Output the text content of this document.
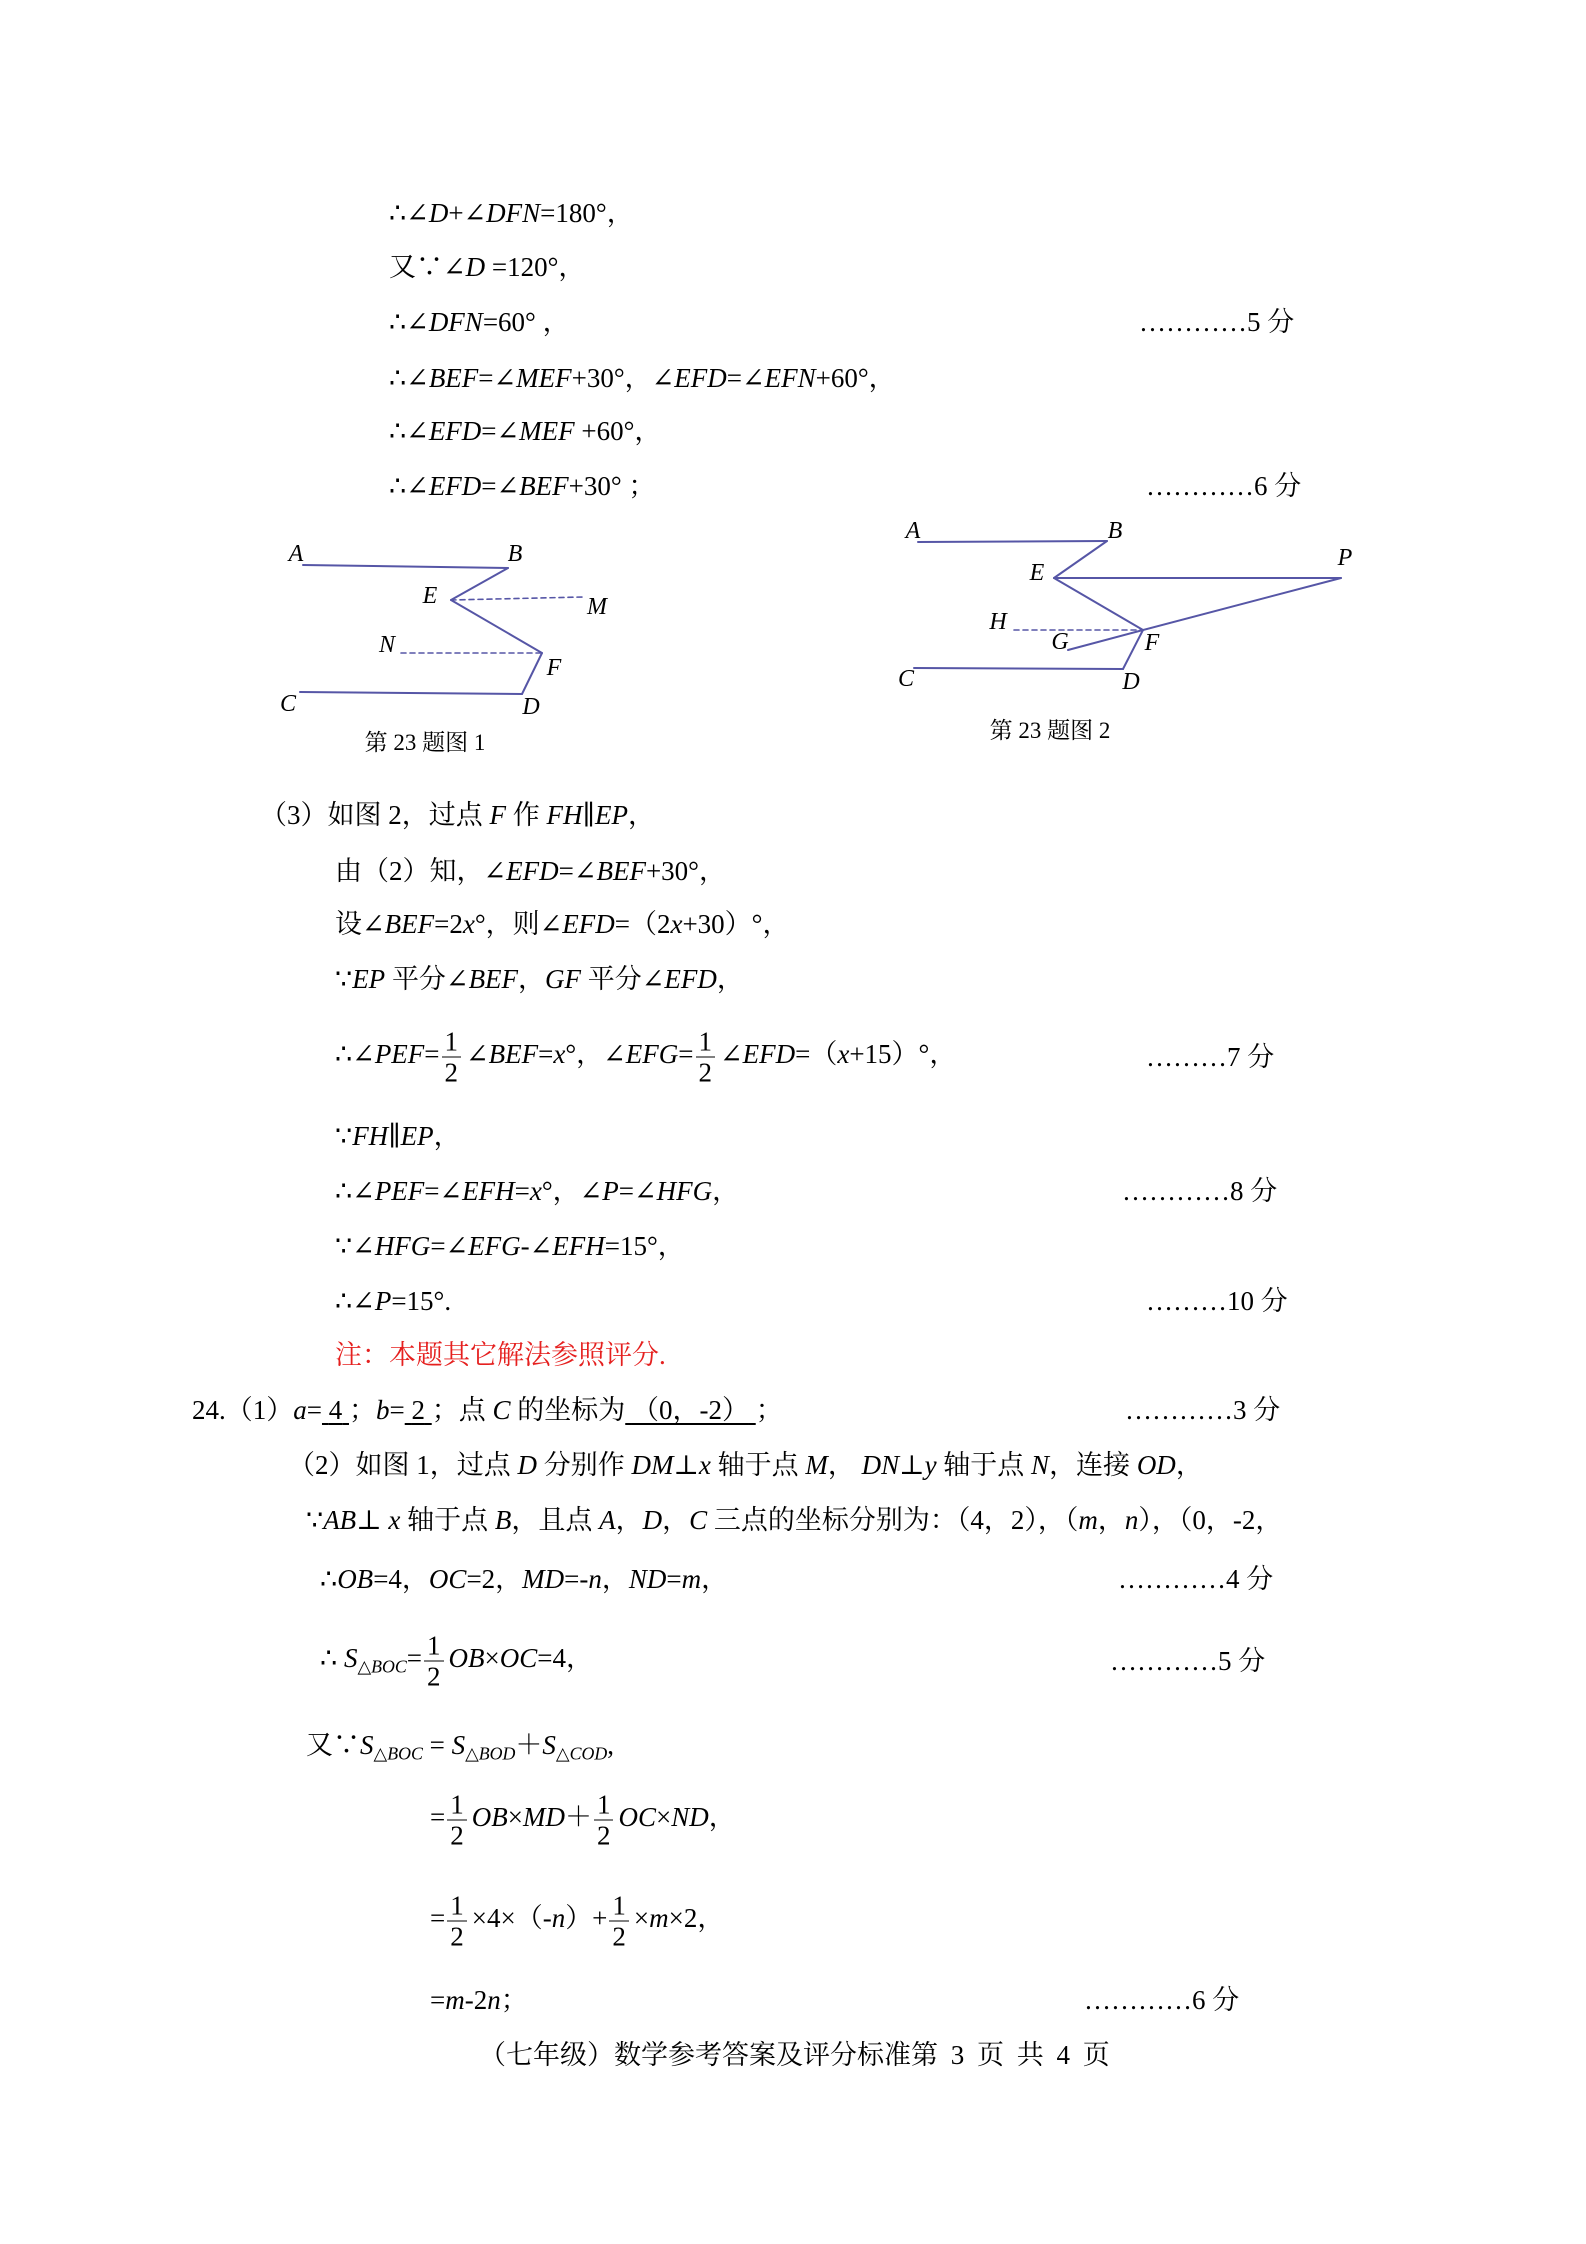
∴∠D+∠DFN=180°，
又∵∠D =120°，
∴∠DFN=60° ，	…………5 分
∴∠BEF=∠MEF+30°，∠EFD=∠EFN+60°，
∴∠EFD=∠MEF +60°，
∴∠EFD=∠BEF+30° ；	…………6 分
A	B
E	M
N
F
C	D
第 23 题图 1
A	B
E
P
H
G	F
C	D
第 23 题图 2
（3）如图 2，过点 F 作 FH∥EP，
由（2）知，∠EFD=∠BEF+30°，
设∠BEF=2x°，则∠EFD=（2x+30）°，
∵EP 平分∠BEF，GF 平分∠EFD，
∴∠PEF= $\frac{1}{2}$ ∠BEF=x°，∠EFG= $\frac{1}{2}$ ∠EFD=（x+15）°，	………7 分
∵FH∥EP，
∴∠PEF=∠EFH=x°，∠P=∠HFG，	…………8 分
∵∠HFG=∠EFG-∠EFH=15°，
∴∠P=15°.	………10 分
注：本题其它解法参照评分.
24.（1）a= 4 ；b= 2 ；点 C 的坐标为 （0，-2） ；	…………3 分
（2）如图 1，过点 D 分别作 DM⊥x 轴于点 M， DN⊥y 轴于点 N，连接 OD，
∵AB⊥ x 轴于点 B，且点 A，D，C 三点的坐标分别为：（4，2），（m，n），（0，-2，
∴OB=4，OC=2，MD=-n，ND=m，	…………4 分
∴ S△BOC= $\frac{1}{2} OB\times OC=4$，	…………5 分
又∵S△BOC = S△BOD＋S△COD,
= $\frac{1}{2} OB\times MD+ \frac{1}{2} OC\times ND$，
= $\frac{1}{2} \times 4\times(-n)+ \frac{1}{2} \times m\times 2$，
=m-2n；	…………6 分
（七年级）数学参考答案及评分标准第 3 页 共 4 页
